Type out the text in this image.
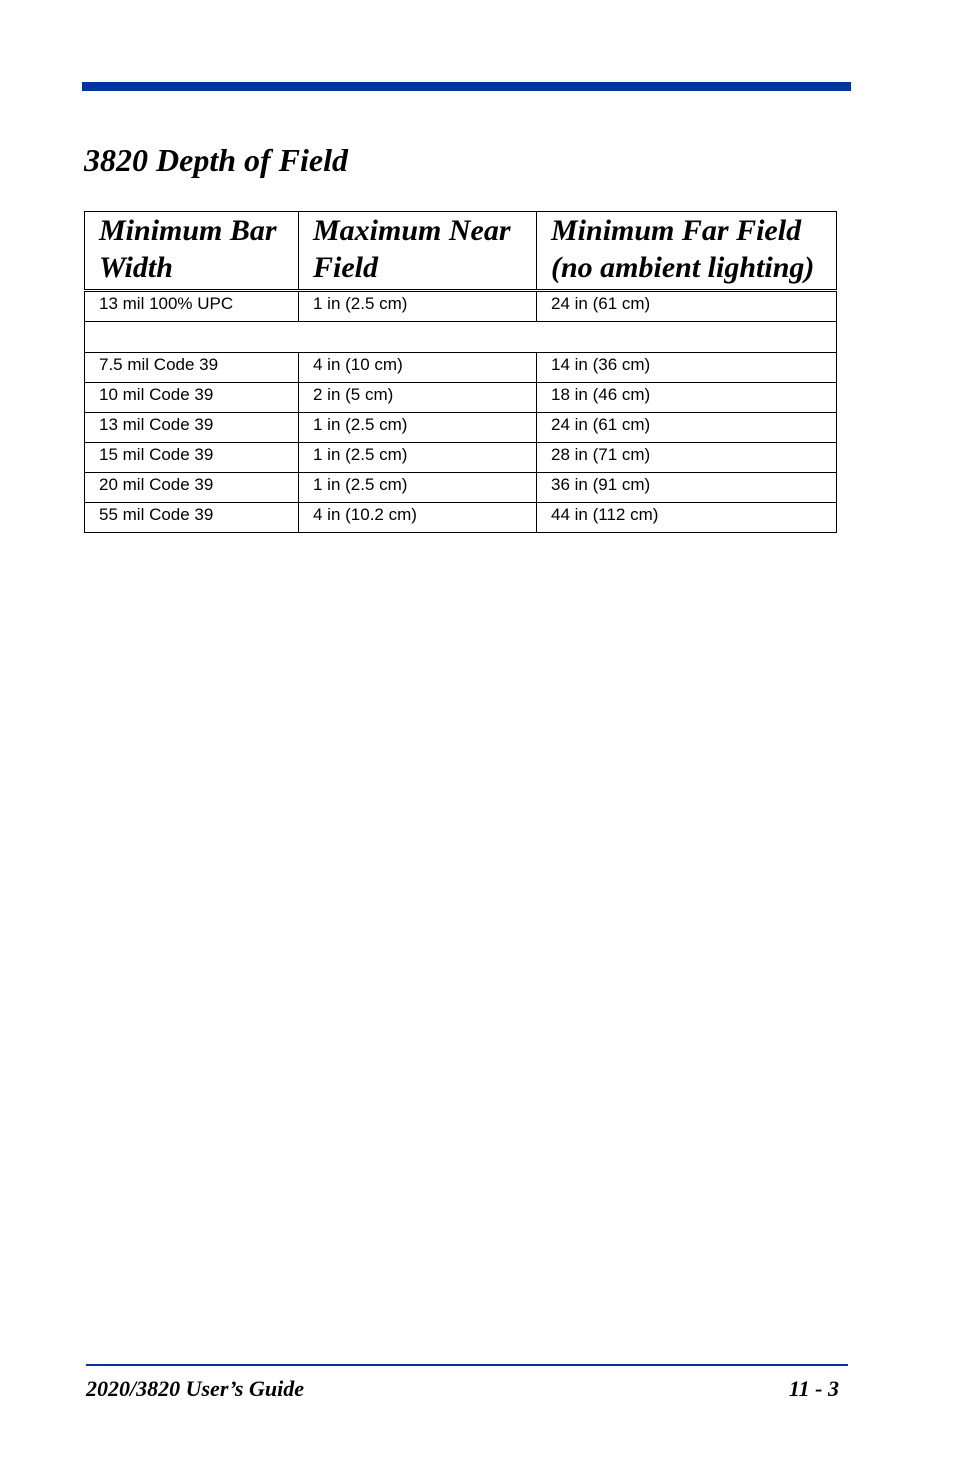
3820 Depth of Field
Minimum Bar Width	Maximum Near Field	Minimum Far Field (no ambient lighting)
13 mil 100% UPC	1 in (2.5 cm)	24 in (61 cm)

7.5 mil Code 39	4 in (10 cm)	14 in (36 cm)
10 mil Code 39	2 in (5 cm)	18 in (46 cm)
13 mil Code 39	1 in (2.5 cm)	24 in (61 cm)
15 mil Code 39	1 in (2.5 cm)	28 in (71 cm)
20 mil Code 39	1 in (2.5 cm)	36 in (91 cm)
55 mil Code 39	4 in (10.2 cm)	44 in (112 cm)
2020/3820 User’s Guide	11 - 3
